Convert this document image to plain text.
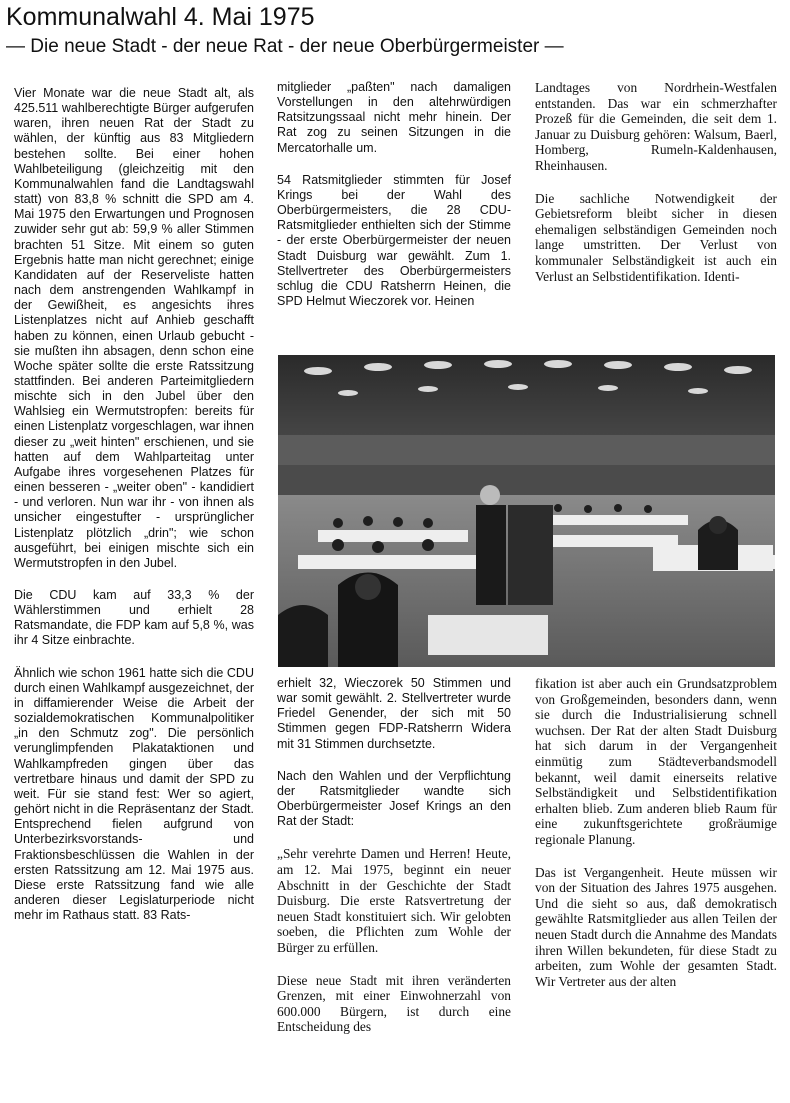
Kommunalwahl 4. Mai 1975
— Die neue Stadt - der neue Rat - der neue Oberbürgermeister —

Vier Monate war die neue Stadt alt, als 425.511 wahlberechtigte Bürger aufgerufen waren, ihren neuen Rat der Stadt zu wählen, der künftig aus 83 Mitgliedern bestehen sollte. Bei einer hohen Wahlbeteiligung (gleichzeitig mit den Kommunalwahlen fand die Landtagswahl statt) von 83,8 % schnitt die SPD am 4. Mai 1975 den Erwartungen und Prognosen zuwider sehr gut ab: 59,9 % aller Stimmen brachten 51 Sitze. Mit einem so guten Ergebnis hatte man nicht gerechnet; einige Kandidaten auf der Reserveliste hatten nach dem anstrengenden Wahlkampf in der Gewißheit, es angesichts ihres Listenplatzes nicht auf Anhieb geschafft haben zu können, einen Urlaub gebucht - sie mußten ihn absagen, denn schon eine Woche später sollte die erste Ratssitzung stattfinden. Bei anderen Parteimitgliedern mischte sich in den Jubel über den Wahlsieg ein Wermutstropfen: bereits für einen Listenplatz vorgeschlagen, war ihnen dieser zu „weit hinten" erschienen, und sie hatten auf dem Wahlparteitag unter Aufgabe ihres vorgesehenen Platzes für einen besseren - „weiter oben" - kandidiert - und verloren. Nun war ihr - von ihnen als unsicher eingestufter - ursprünglicher Listenplatz plötzlich „drin"; wie schon ausgeführt, bei einigen mischte sich ein Wermutstropfen in den Jubel.

Die CDU kam auf 33,3 % der Wählerstimmen und erhielt 28 Ratsmandate, die FDP kam auf 5,8 %, was ihr 4 Sitze einbrachte.

Ähnlich wie schon 1961 hatte sich die CDU durch einen Wahlkampf ausgezeichnet, der in diffamierender Weise die Arbeit der sozialdemokratischen Kommunalpolitiker „in den Schmutz zog". Die persönlich verunglimpfenden Plakataktionen und Wahlkampfreden gingen über das vertretbare hinaus und damit der SPD zu weit. Für sie stand fest: Wer so agiert, gehört nicht in die Repräsentanz der Stadt. Entsprechend fielen aufgrund von Unterbezirksvorstands- und Fraktionsbeschlüssen die Wahlen in der ersten Ratssitzung am 12. Mai 1975 aus. Diese erste Ratssitzung fand wie alle anderen dieser Legislaturperiode nicht mehr im Rathaus statt. 83 Rats-

mitglieder „paßten" nach damaligen Vorstellungen in den altehrwürdigen Ratsitzungssaal nicht mehr hinein. Der Rat zog zu seinen Sitzungen in die Mercatorhalle um.

54 Ratsmitglieder stimmten für Josef Krings bei der Wahl des Oberbürgermeisters, die 28 CDU-Ratsmitglieder enthielten sich der Stimme - der erste Oberbürgermeister der neuen Stadt Duisburg war gewählt. Zum 1. Stellvertreter des Oberbürgermeisters schlug die CDU Ratsherrn Heinen, die SPD Helmut Wieczorek vor. Heinen

Landtages von Nordrhein-Westfalen entstanden. Das war ein schmerzhafter Prozeß für die Gemeinden, die seit dem 1. Januar zu Duisburg gehören: Walsum, Baerl, Homberg, Rumeln-Kaldenhausen, Rheinhausen.

Die sachliche Notwendigkeit der Gebietsreform bleibt sicher in diesen ehemaligen selbständigen Gemeinden noch lange umstritten. Der Verlust von kommunaler Selbständigkeit ist auch ein Verlust an Selbstidentifikation. Identi-

erhielt 32, Wieczorek 50 Stimmen und war somit gewählt. 2. Stellvertreter wurde Friedel Genender, der sich mit 50 Stimmen gegen FDP-Ratsherrn Widera mit 31 Stimmen durchsetzte.

Nach den Wahlen und der Verpflichtung der Ratsmitglieder wandte sich Oberbürgermeister Josef Krings an den Rat der Stadt:

„Sehr verehrte Damen und Herren! Heute, am 12. Mai 1975, beginnt ein neuer Abschnitt in der Geschichte der Stadt Duisburg. Die erste Ratsvertretung der neuen Stadt konstituiert sich. Wir gelobten soeben, die Pflichten zum Wohle der Bürger zu erfüllen.

Diese neue Stadt mit ihren veränderten Grenzen, mit einer Einwohnerzahl von 600.000 Bürgern, ist durch eine Entscheidung des

fikation ist aber auch ein Grundsatzproblem von Großgemeinden, besonders dann, wenn sie durch die Industrialisierung schnell wuchsen. Der Rat der alten Stadt Duisburg hat sich darum in der Vergangenheit einmütig zum Städteverbandsmodell bekannt, weil damit einerseits relative Selbständigkeit und Selbstidentifikation erhalten blieb. Zum anderen blieb Raum für eine zukunftsgerichtete großräumige regionale Planung.

Das ist Vergangenheit. Heute müssen wir von der Situation des Jahres 1975 ausgehen. Und die sieht so aus, daß demokratisch gewählte Ratsmitglieder aus allen Teilen der neuen Stadt durch die Annahme des Mandats ihren Willen bekundeten, für diese Stadt zu arbeiten, zum Wohle der gesamten Stadt. Wir Vertreter aus der alten
